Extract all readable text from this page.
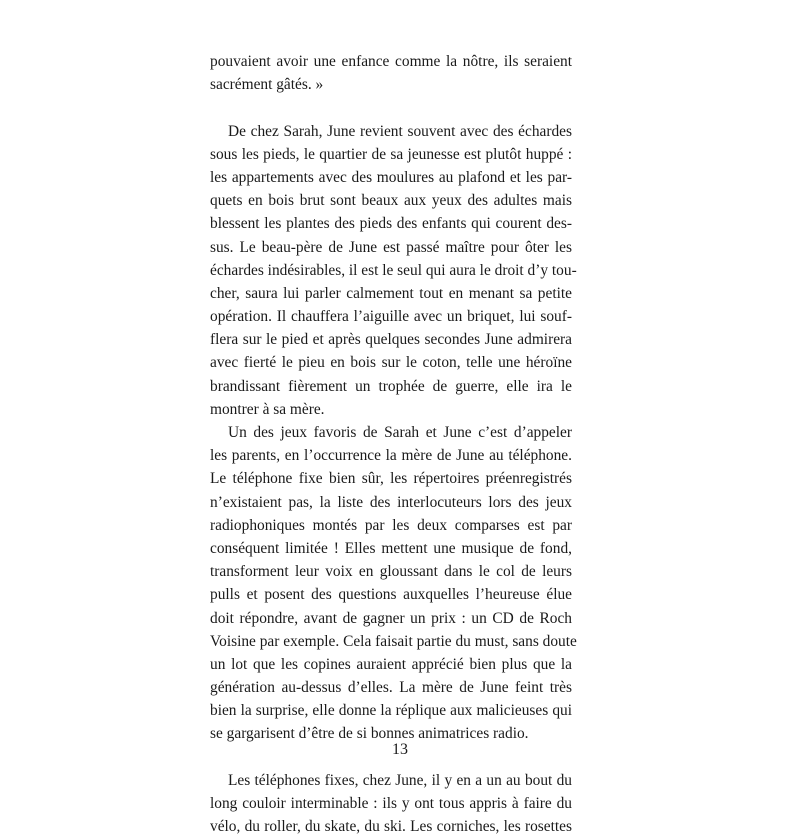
pouvaient avoir une enfance comme la nôtre, ils seraient
sacrément gâtés. »
De chez Sarah, June revient souvent avec des échardes
sous les pieds, le quartier de sa jeunesse est plutôt huppé :
les appartements avec des moulures au plafond et les par-
quets en bois brut sont beaux aux yeux des adultes mais
blessent les plantes des pieds des enfants qui courent des-
sus. Le beau-père de June est passé maître pour ôter les
échardes indésirables, il est le seul qui aura le droit d’y tou-
cher, saura lui parler calmement tout en menant sa petite
opération. Il chauffera l’aiguille avec un briquet, lui souf-
flera sur le pied et après quelques secondes June admirera
avec fierté le pieu en bois sur le coton, telle une héroïne
brandissant fièrement un trophée de guerre, elle ira le
montrer à sa mère.
Un des jeux favoris de Sarah et June c’est d’appeler
les parents, en l’occurrence la mère de June au téléphone.
Le téléphone fixe bien sûr, les répertoires préenregistrés
n’existaient pas, la liste des interlocuteurs lors des jeux
radiophoniques montés par les deux comparses est par
conséquent limitée ! Elles mettent une musique de fond,
transforment leur voix en gloussant dans le col de leurs
pulls et posent des questions auxquelles l’heureuse élue
doit répondre, avant de gagner un prix : un CD de Roch
Voisine par exemple. Cela faisait partie du must, sans doute
un lot que les copines auraient apprécié bien plus que la
génération au-dessus d’elles. La mère de June feint très
bien la surprise, elle donne la réplique aux malicieuses qui
se gargarisent d’être de si bonnes animatrices radio.
Les téléphones fixes, chez June, il y en a un au bout du
long couloir interminable : ils y ont tous appris à faire du
vélo, du roller, du skate, du ski. Les corniches, les rosettes
13
